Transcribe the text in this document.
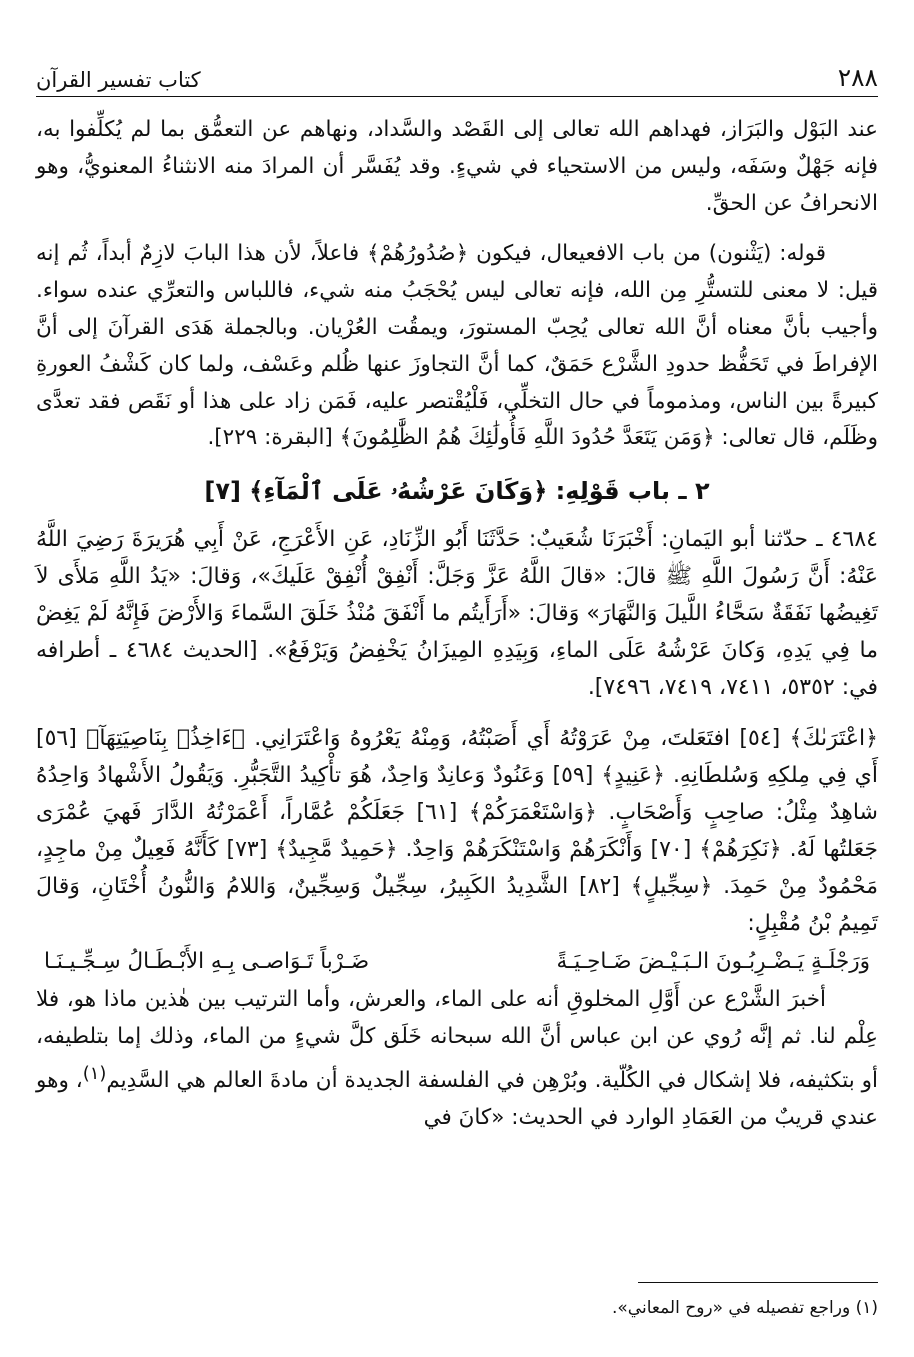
٢٨٨
كتاب تفسير القرآن

عند البَوْل والبَرَاز، فهداهم الله تعالى إلى القَصْد والسَّداد، ونهاهم عن التعمُّق بما لم يُكلِّفوا به، فإنه جَهْلٌ وسَفَه، وليس من الاستحياء في شيءٍ. وقد يُفَسَّر أن المرادَ منه الانثناءُ المعنويُّ، وهو الانحرافُ عن الحقِّ.

قوله: (يَثْنون) من باب الافعيعال، فيكون ﴿صُدُورُهُمْ﴾ فاعلاً، لأن هذا البابَ لازِمٌ أبداً، ثُم إنه قيل: لا معنى للتستُّرِ مِن الله، فإنه تعالى ليس يُحْجَبُ منه شيء، فاللباس والتعرِّي عنده سواء. وأجيب بأنَّ معناه أنَّ الله تعالى يُحِبّ المستورَ، ويمقُت العُرْيان. وبالجملة هَدَى القرآنَ إلى أنَّ الإفراطَ في تَحَفُّظ حدودِ الشَّرْع حَمَقٌ، كما أنَّ التجاوزَ عنها ظُلم وعَسْف، ولما كان كَشْفُ العورةِ كبيرةً بين الناس، ومذموماً في حال التخلِّي، فَلْيُقْتصر عليه، فَمَن زاد على هذا أو نَقَص فقد تعدَّى وظَلَم، قال تعالى: ﴿وَمَن يَتَعَدَّ حُدُودَ اللَّهِ فَأُولَٰئِكَ هُمُ الظَّٰلِمُونَ﴾ [البقرة: ٢٢٩].

٢ ـ باب قَوْلِهِ: ﴿وَكَانَ عَرْشُهُۥ عَلَى ٱلْمَآءِ﴾ [٧]

٤٦٨٤ ـ حدّثنا أبو اليَمانِ: أَخْبَرَنَا شُعَيبٌ: حَدَّثَنَا أَبُو الزِّنَادِ، عَنِ الأَعْرَجِ، عَنْ أَبِي هُرَيرَةَ رَضِيَ اللَّهُ عَنْهُ: أَنَّ رَسُولَ اللَّهِ ﷺ قالَ: «قالَ اللَّهُ عَزَّ وَجَلَّ: أَنْفِقْ أُنْفِقْ عَلَيكَ»، وَقالَ: «يَدُ اللَّهِ مَلأَى لاَ تَغِيضُها نَفَقَةٌ سَحَّاءُ اللَّيلَ وَالنَّهَارَ» وَقالَ: «أَرَأَيتُم ما أَنْفَقَ مُنْذُ خَلَقَ السَّماءَ وَالأَرْضَ فَإِنَّهُ لَمْ يَغِضْ ما فِي يَدِهِ، وَكانَ عَرْشُهُ عَلَى الماءِ، وَبِيَدِهِ المِيزَانُ يَخْفِضُ وَيَرْفَعُ». [الحديث ٤٦٨٤ ـ أطرافه في: ٥٣٥٢، ٧٤١١، ٧٤١٩، ٧٤٩٦].

﴿اعْتَرَىٰكَ﴾ [٥٤] افتَعَلتَ، مِنْ عَرَوْتُهُ أَي أَصَبْتُهُ، وَمِنْهُ يَعْرُوهُ وَاعْتَرَانِي. ﴿ءَاخِذُۢ بِنَاصِيَتِهَآ﴾ [٥٦] أَي فِي مِلكِهِ وَسُلطَانِهِ. ﴿عَنِيدٍ﴾ [٥٩] وَعَنُودٌ وَعانِدٌ وَاحِدٌ، هُوَ تأْكِيدُ التَّجَبُّرِ. وَيَقُولُ الأَشْهادُ وَاحِدُهُ شاهِدٌ مِثْلُ: صاحِبٍ وَأَصْحَابٍ. ﴿وَاسْتَعْمَرَكُمْ﴾ [٦١] جَعَلَكُمْ عُمَّاراً، أَعْمَرْتُهُ الدَّارَ فَهيَ عُمْرَى جَعَلتُها لَهُ. ﴿نَكِرَهُمْ﴾ [٧٠] وَأَنْكَرَهُمْ وَاسْتَنْكَرَهُمْ وَاحِدٌ. ﴿حَمِيدٌ مَّجِيدٌ﴾ [٧٣] كَأَنَّهُ فَعِيلٌ مِنْ ماجِدٍ، مَحْمُودٌ مِنْ حَمِدَ. ﴿سِجِّيلٍ﴾ [٨٢] الشَّدِيدُ الكَبِيرُ، سِجِّيلٌ وَسِجِّينٌ، وَاللامُ وَالنُّونُ أُخْتَانِ، وَقالَ تَمِيمُ بْنُ مُقْبِلٍ:

وَرَجْلَـةٍ يَـضْـرِبُـونَ الـبَـيْـضَ ضَـاحِـيَـةً
ضَـرْباً تَـوَاصـى بِـهِ الأَبْـطَـالُ سِـجِّـيـنَـا

أخبرَ الشَّرْع عن أَوَّلِ المخلوقِ أنه على الماء، والعرش، وأما الترتيب بين هٰذين ماذا هو، فلا عِلْم لنا. ثم إنَّه رُوي عن ابن عباس أنَّ الله سبحانه خَلَق كلَّ شيءٍ من الماء، وذلك إما بتلطيفه، أو بتكثيفه، فلا إشكال في الكُلّية. وبُرْهِن في الفلسفة الجديدة أن مادةَ العالم هي السَّدِيم$^{(١)}$، وهو عندي قريبٌ من العَمَادِ الوارد في الحديث: «كانَ في

(١) وراجع تفصيله في «روح المعاني».
